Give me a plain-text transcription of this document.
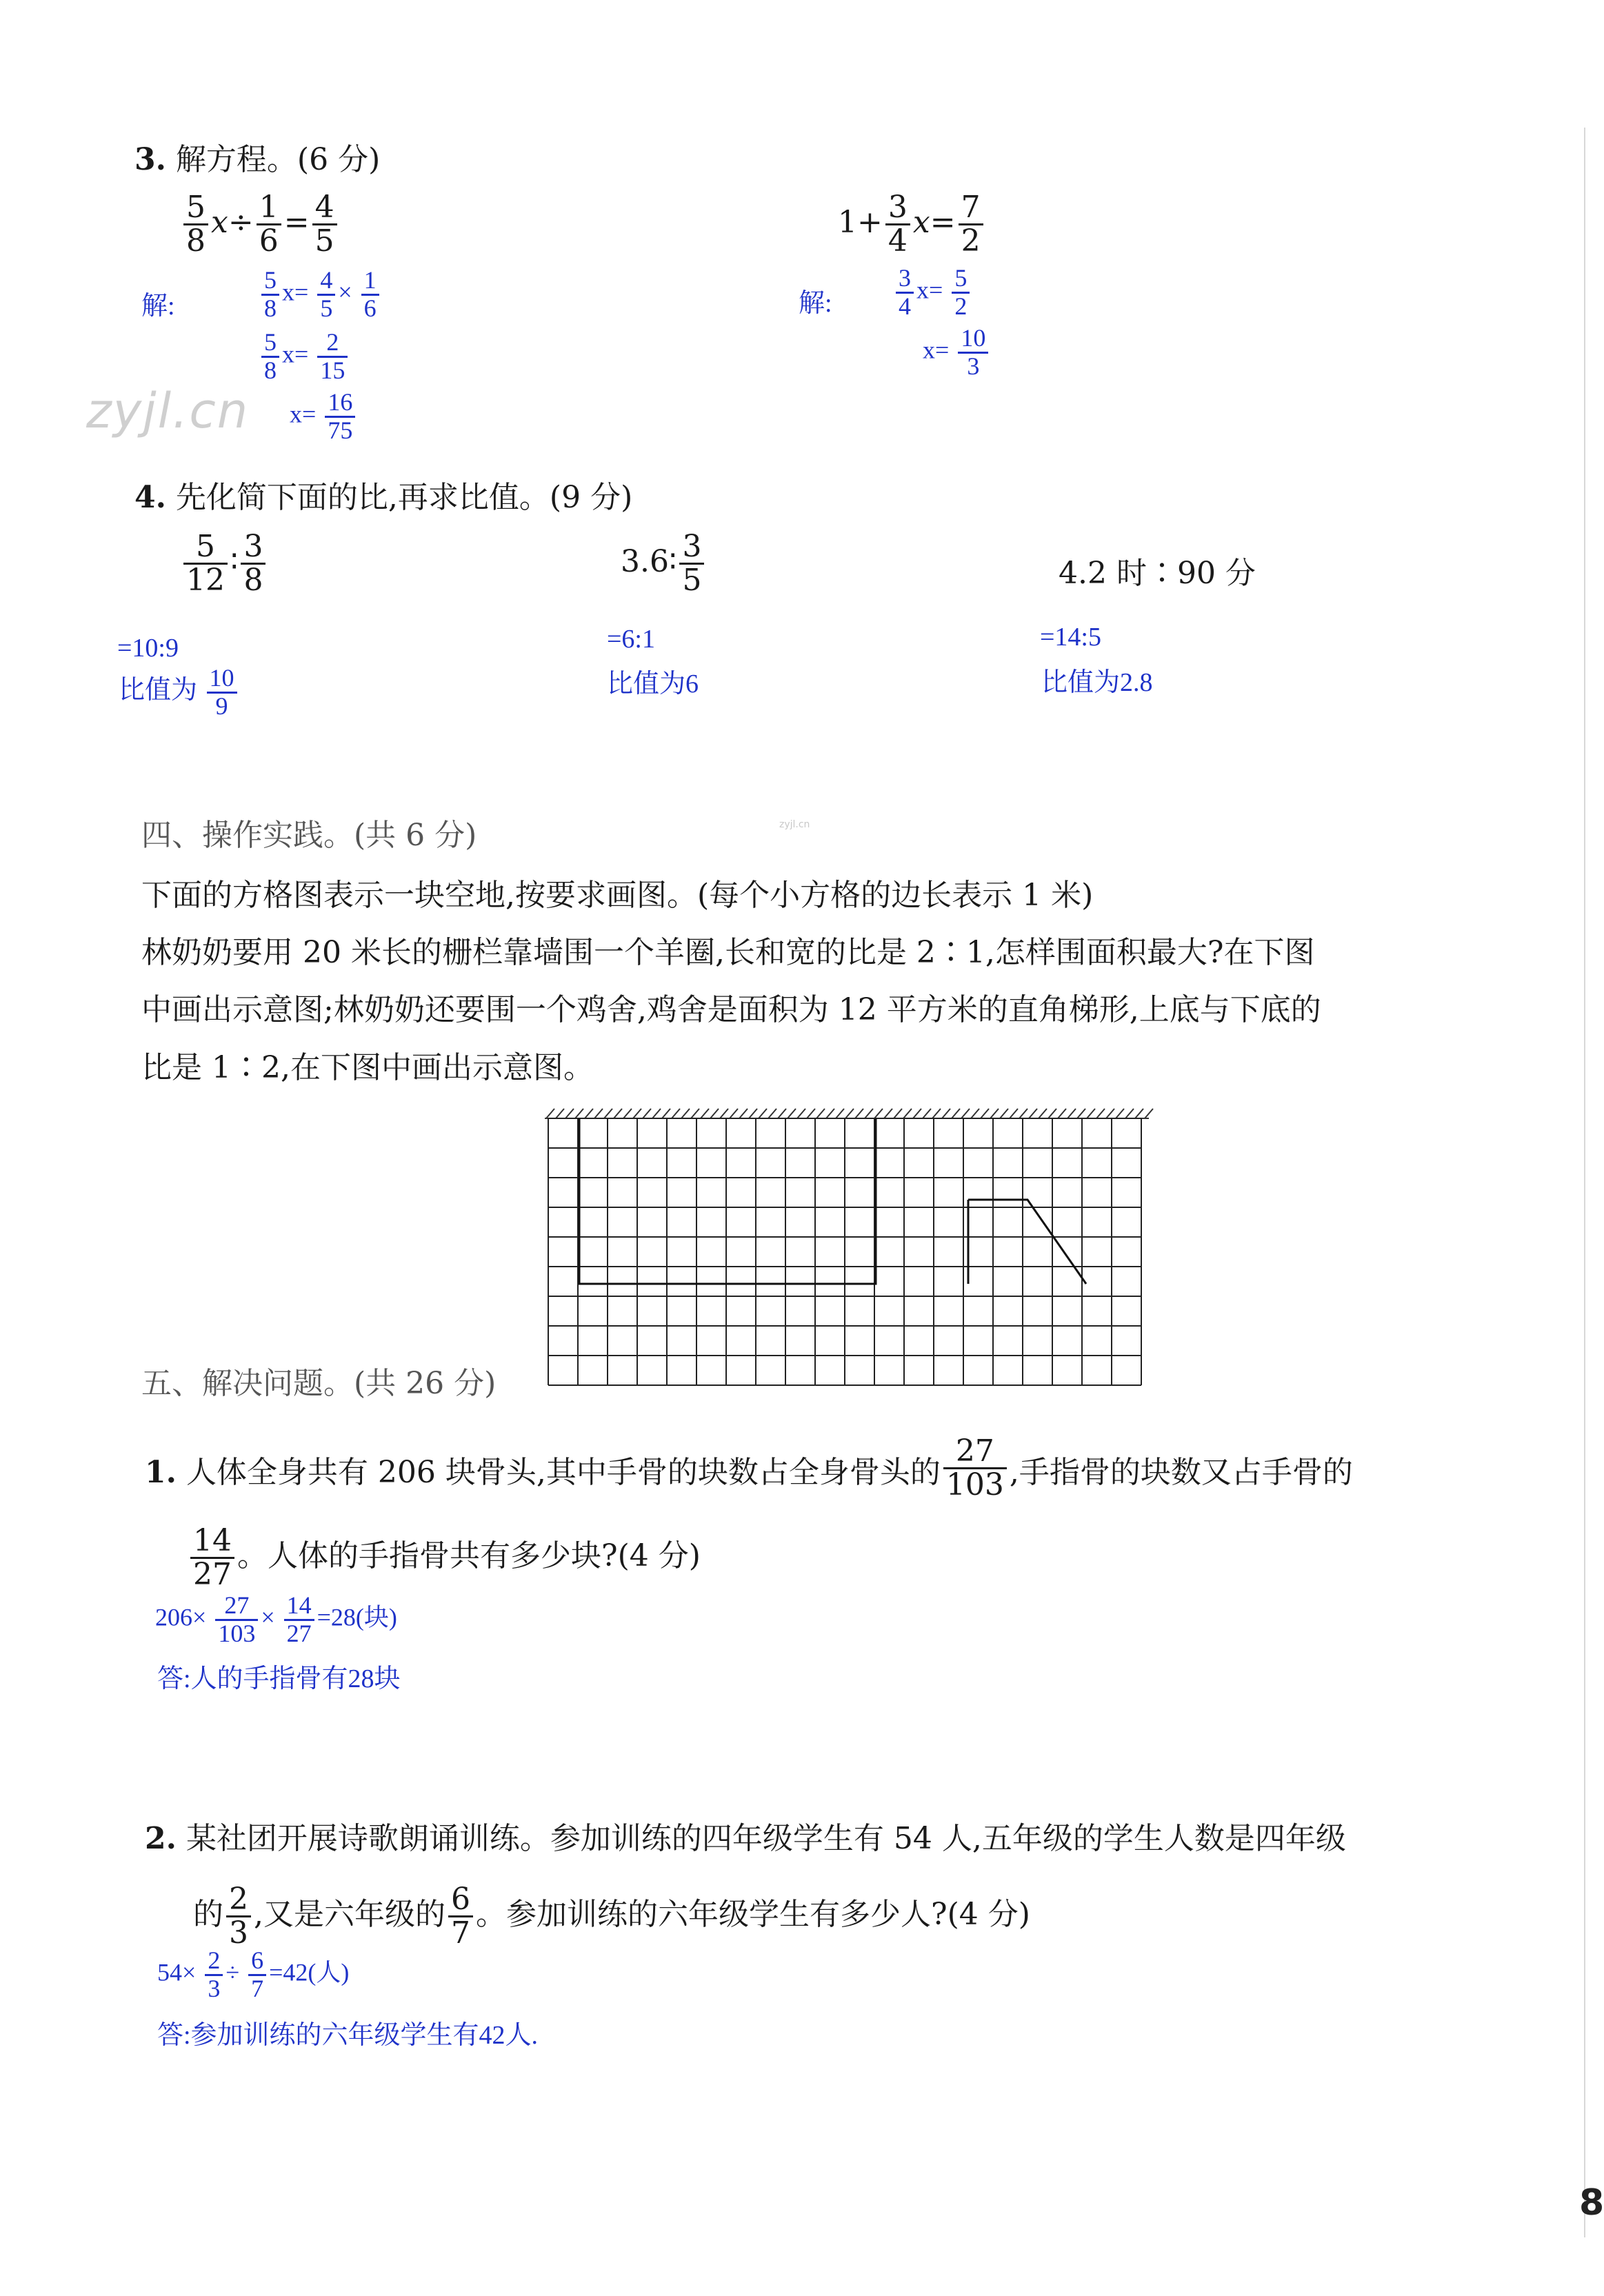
3. 解方程。(6 分)
$\frac{5}{8} x\div \frac{1}{6} = \frac{4}{5}$	$1+ \frac{3}{4} x= \frac{7}{2}$
解:	$\frac{5}{8} x= \frac{4}{5} \times \frac{1}{6}$
$\frac{5}{8} x= \frac{2}{15}$
$x= \frac{16}{75}$
解:	$\frac{3}{4} x= \frac{5}{2}$
$x= \frac{10}{3}$
zyjl.cn
4. 先化简下面的比,再求比值。(9 分)
$\frac{5}{12}$ ∶ $\frac{3}{8}$	3.6∶ $\frac{3}{5}$	4.2 时∶90 分
=10:9
比值为 $\frac{10}{9}$
=6:1
比值为6
=14:5
比值为2.8
四、操作实践。(共 6 分)	zyjl.cn
下面的方格图表示一块空地,按要求画图。(每个小方格的边长表示 1 米)
林奶奶要用 20 米长的栅栏靠墙围一个羊圈,长和宽的比是 2∶1,怎样围面积最大?在下图
中画出示意图;林奶奶还要围一个鸡舍,鸡舍是面积为 12 平方米的直角梯形,上底与下底的
比是 1∶2,在下图中画出示意图。
五、解决问题。(共 26 分)
1. 人体全身共有 206 块骨头,其中手骨的块数占全身骨头的 $\frac{27}{103}$ ,手指骨的块数又占手骨的
$\frac{14}{27}$ 。人体的手指骨共有多少块?(4 分)
$206\times \frac{27}{103} \times \frac{14}{27} =28$(块)
答:人的手指骨有28块
2. 某社团开展诗歌朗诵训练。参加训练的四年级学生有 54 人,五年级的学生人数是四年级
的 $\frac{2}{3}$ ,又是六年级的 $\frac{6}{7}$ 。参加训练的六年级学生有多少人?(4 分)
$54\times \frac{2}{3} \div \frac{6}{7} =42$(人)
答:参加训练的六年级学生有42人.
8
